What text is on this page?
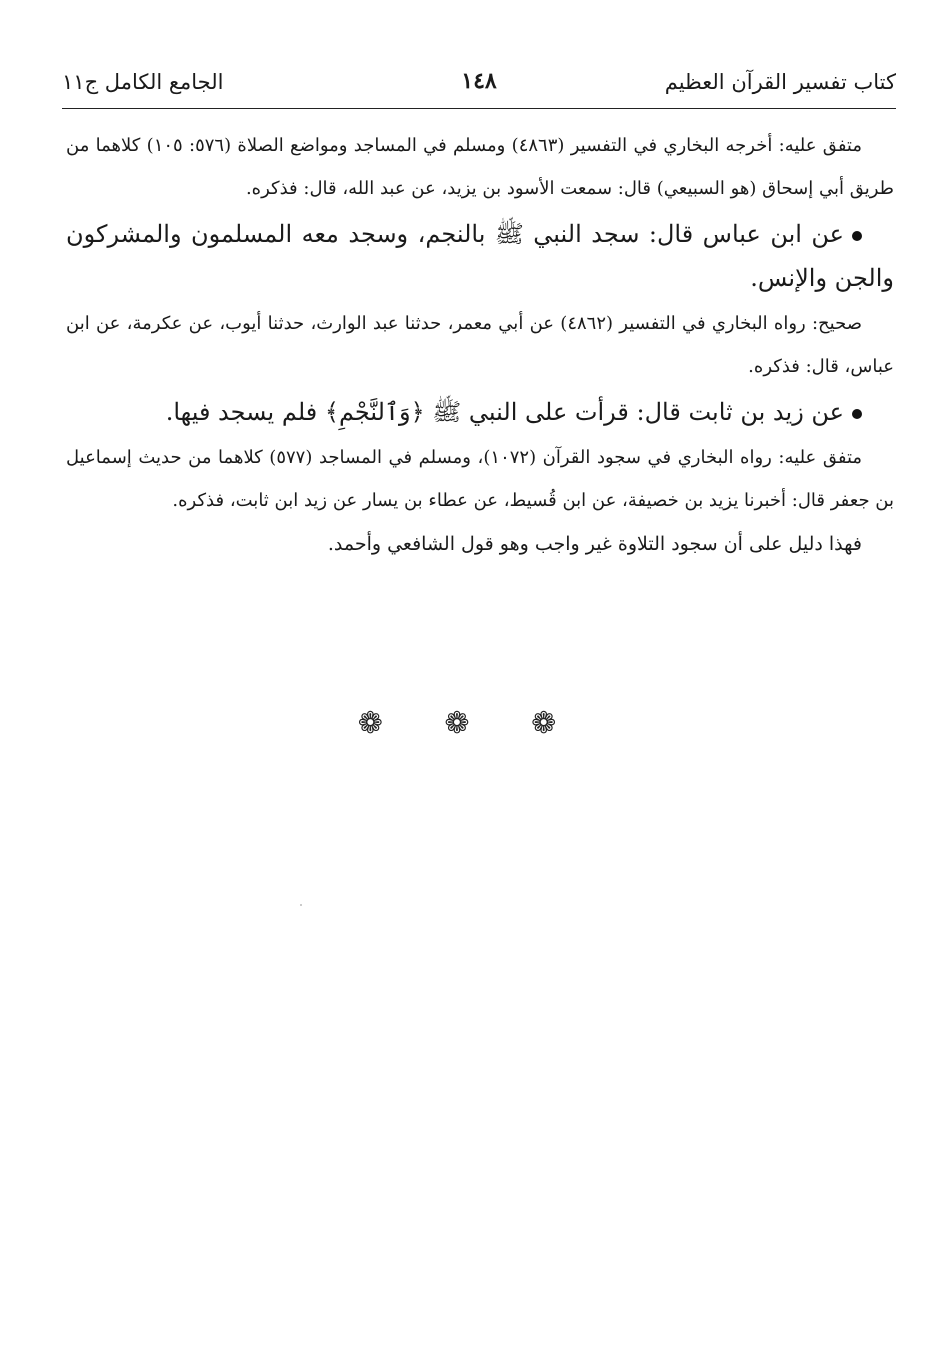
كتاب تفسير القرآن العظيم
١٤٨
الجامع الكامل ج١١

متفق عليه: أخرجه البخاري في التفسير (٤٨٦٣) ومسلم في المساجد ومواضع الصلاة (٥٧٦: ١٠٥) كلاهما من طريق أبي إسحاق (هو السبيعي) قال: سمعت الأسود بن يزيد، عن عبد الله، قال: فذكره.

عن ابن عباس قال: سجد النبي ﷺ بالنجم، وسجد معه المسلمون والمشركون والجن والإنس.

صحيح: رواه البخاري في التفسير (٤٨٦٢) عن أبي معمر، حدثنا عبد الوارث، حدثنا أيوب، عن عكرمة، عن ابن عباس، قال: فذكره.

عن زيد بن ثابت قال: قرأت على النبي ﷺ ﴿وَٱلنَّجْمِ﴾ فلم يسجد فيها.

متفق عليه: رواه البخاري في سجود القرآن (١٠٧٢)، ومسلم في المساجد (٥٧٧) كلاهما من حديث إسماعيل بن جعفر قال: أخبرنا يزيد بن خصيفة، عن ابن قُسيط، عن عطاء بن يسار عن زيد ابن ثابت، فذكره.

فهذا دليل على أن سجود التلاوة غير واجب وهو قول الشافعي وأحمد.

❁ ❁ ❁
